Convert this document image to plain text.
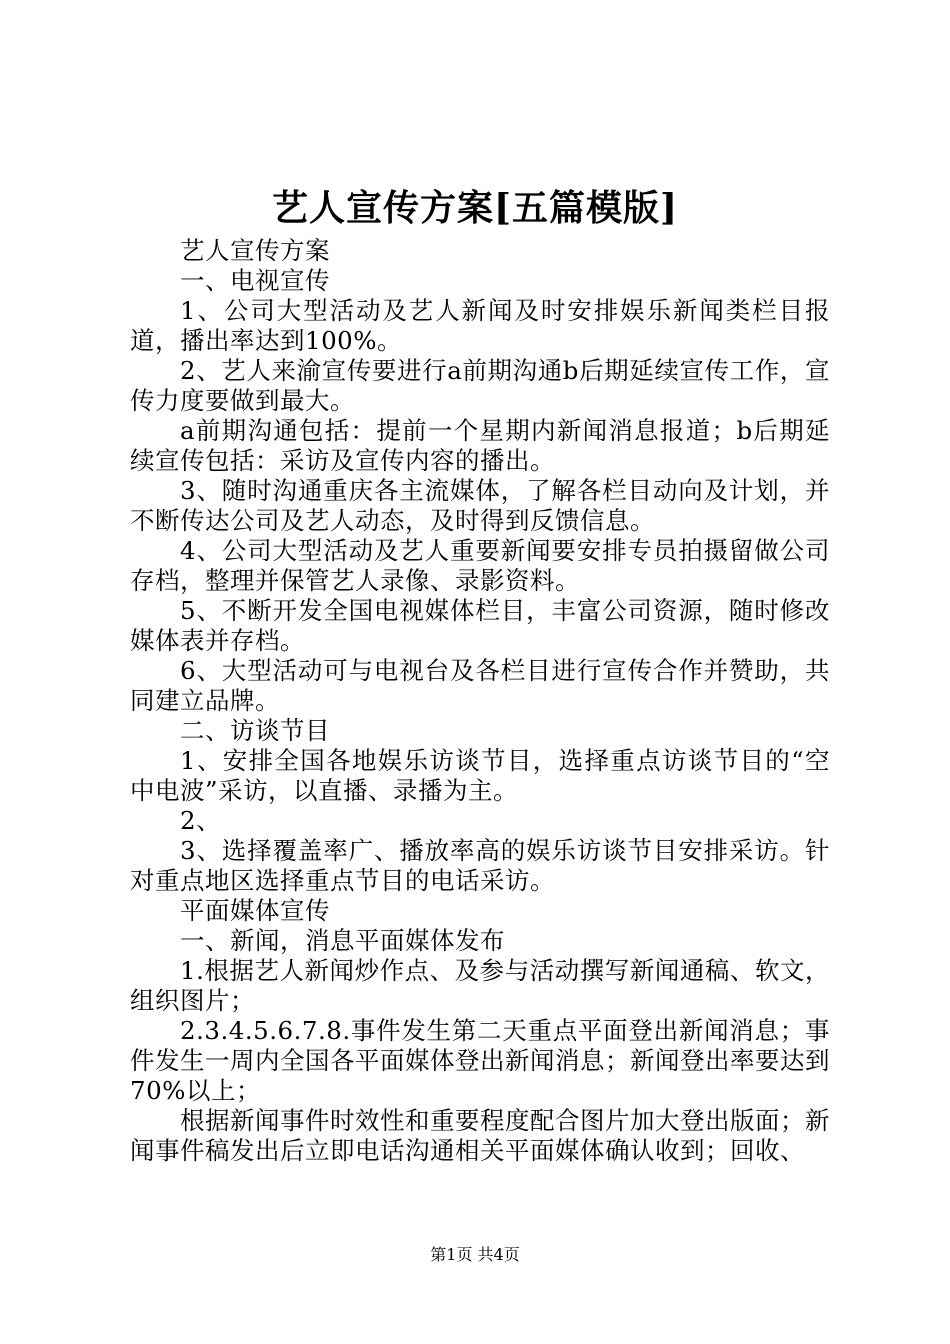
艺人宣传方案[五篇模版]

艺人宣传方案

一、电视宣传

1、公司大型活动及艺人新闻及时安排娱乐新闻类栏目报道，播出率达到100%。

2、艺人来渝宣传要进行a前期沟通b后期延续宣传工作，宣传力度要做到最大。

a前期沟通包括：提前一个星期内新闻消息报道；b后期延续宣传包括：采访及宣传内容的播出。

3、随时沟通重庆各主流媒体，了解各栏目动向及计划，并不断传达公司及艺人动态，及时得到反馈信息。

4、公司大型活动及艺人重要新闻要安排专员拍摄留做公司存档，整理并保管艺人录像、录影资料。

5、不断开发全国电视媒体栏目，丰富公司资源，随时修改媒体表并存档。

6、大型活动可与电视台及各栏目进行宣传合作并赞助，共同建立品牌。

二、访谈节目

1、安排全国各地娱乐访谈节目，选择重点访谈节目的“空中电波”采访，以直播、录播为主。

2、

3、选择覆盖率广、播放率高的娱乐访谈节目安排采访。针对重点地区选择重点节目的电话采访。

平面媒体宣传

一、新闻，消息平面媒体发布

1.根据艺人新闻炒作点、及参与活动撰写新闻通稿、软文，组织图片；

2.3.4.5.6.7.8.事件发生第二天重点平面登出新闻消息；事件发生一周内全国各平面媒体登出新闻消息；新闻登出率要达到70%以上；

根据新闻事件时效性和重要程度配合图片加大登出版面；新闻事件稿发出后立即电话沟通相关平面媒体确认收到；回收、

第1页 共4页
